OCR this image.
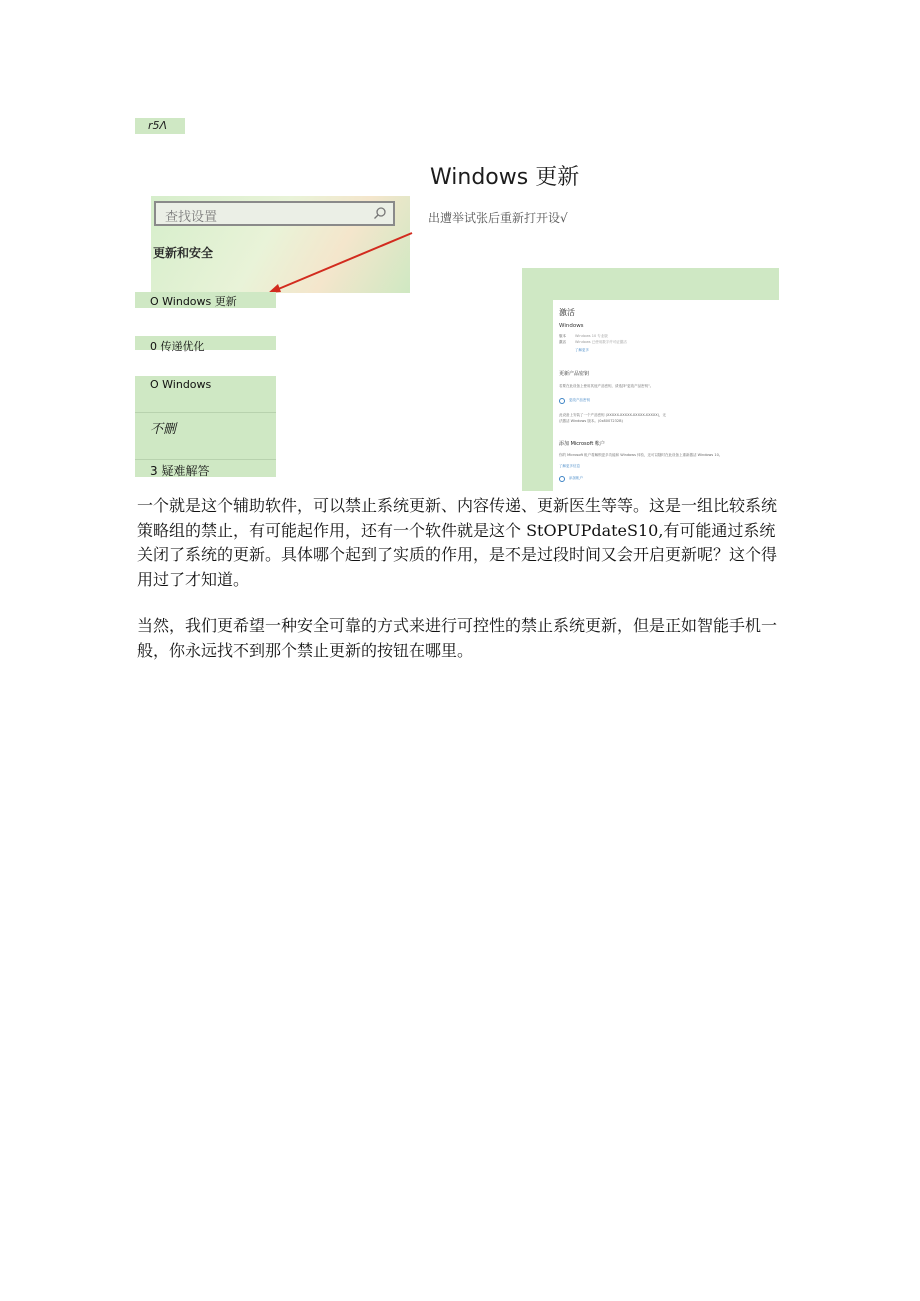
r5Λ
Windows 更新
出遭举试张后重新打开设√
查找设置
更新和安全
O Windows 更新
0 传递优化
O Windows
不刪
3 疑难解答
激活
Windows
版本	Windows 10 专业版
激活	Windows 已使用数字许可证激活
了解更多
更新产品密钥
若要在此设备上使用其他产品密钥，请选择"更改产品密钥"。
更改产品密钥
此设备上安装了一个产品密钥 (XXXXX-XXXXX-XXXXX-XXXXX)，无法激活 Windows 版本。(0x8007232B)
添加 Microsoft 帐户
你的 Microsoft 帐户将解锁更多功能和 Windows 体验，还可以随时在此设备上重新激活 Windows 10。
了解更多信息
添加帐户
一个就是这个辅助软件，可以禁止系统更新、内容传递、更新医生等等。这是一组比较系统策略组的禁止，有可能起作用，还有一个软件就是这个 StOPUPdateS10,有可能通过系统关闭了系统的更新。具体哪个起到了实质的作用，是不是过段时间又会开启更新呢？这个得用过了才知道。
当然，我们更希望一种安全可靠的方式来进行可控性的禁止系统更新，但是正如智能手机一般，你永远找不到那个禁止更新的按钮在哪里。
